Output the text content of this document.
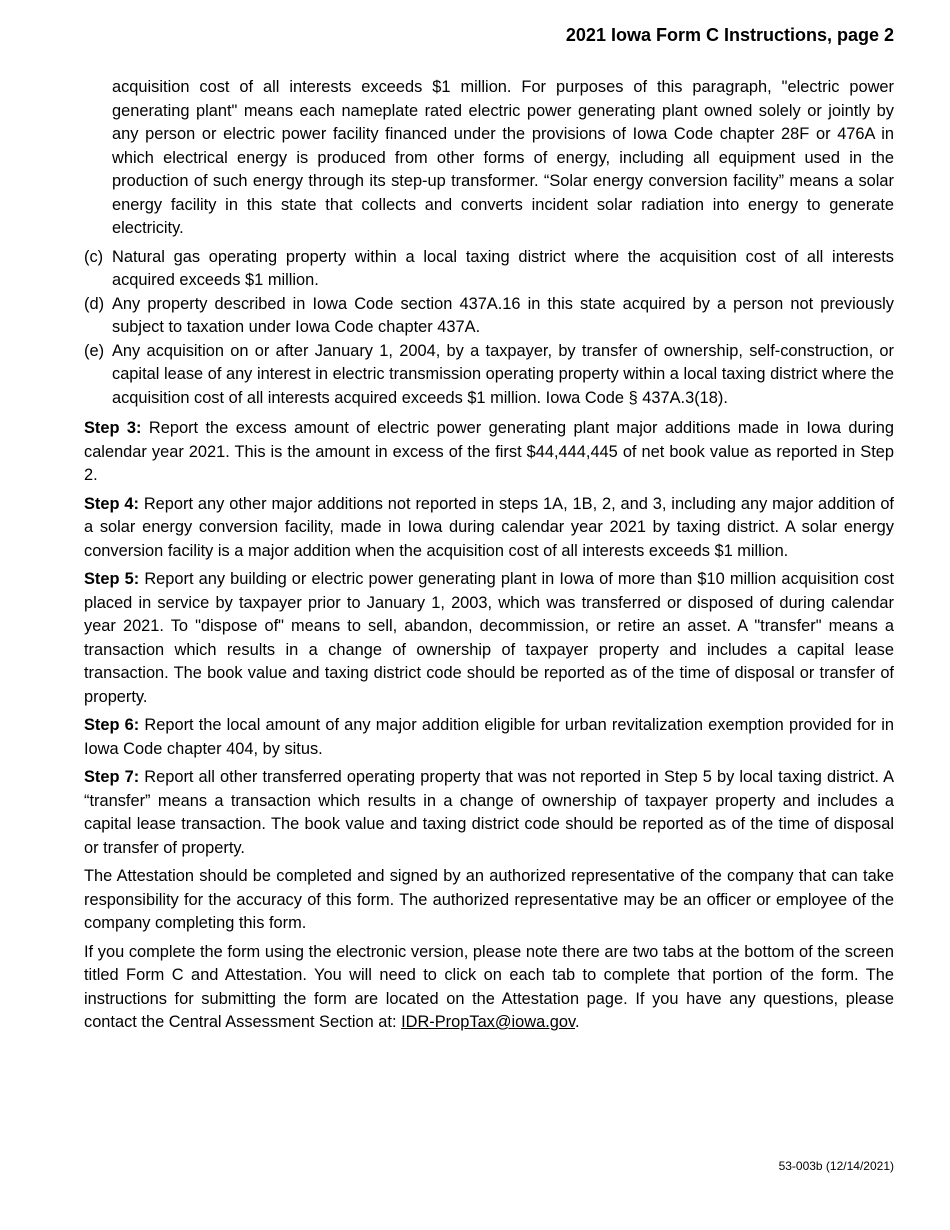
2021 Iowa Form C Instructions, page 2

acquisition cost of all interests exceeds $1 million. For purposes of this paragraph, "electric power generating plant" means each nameplate rated electric power generating plant owned solely or jointly by any person or electric power facility financed under the provisions of Iowa Code chapter 28F or 476A in which electrical energy is produced from other forms of energy, including all equipment used in the production of such energy through its step-up transformer. “Solar energy conversion facility” means a solar energy facility in this state that collects and converts incident solar radiation into energy to generate electricity.

(c) Natural gas operating property within a local taxing district where the acquisition cost of all interests acquired exceeds $1 million.
(d) Any property described in Iowa Code section 437A.16 in this state acquired by a person not previously subject to taxation under Iowa Code chapter 437A.
(e) Any acquisition on or after January 1, 2004, by a taxpayer, by transfer of ownership, self-construction, or capital lease of any interest in electric transmission operating property within a local taxing district where the acquisition cost of all interests acquired exceeds $1 million. Iowa Code § 437A.3(18).

Step 3: Report the excess amount of electric power generating plant major additions made in Iowa during calendar year 2021. This is the amount in excess of the first $44,444,445 of net book value as reported in Step 2.

Step 4: Report any other major additions not reported in steps 1A, 1B, 2, and 3, including any major addition of a solar energy conversion facility, made in Iowa during calendar year 2021 by taxing district. A solar energy conversion facility is a major addition when the acquisition cost of all interests exceeds $1 million.

Step 5: Report any building or electric power generating plant in Iowa of more than $10 million acquisition cost placed in service by taxpayer prior to January 1, 2003, which was transferred or disposed of during calendar year 2021. To "dispose of" means to sell, abandon, decommission, or retire an asset. A "transfer" means a transaction which results in a change of ownership of taxpayer property and includes a capital lease transaction. The book value and taxing district code should be reported as of the time of disposal or transfer of property.

Step 6: Report the local amount of any major addition eligible for urban revitalization exemption provided for in Iowa Code chapter 404, by situs.

Step 7: Report all other transferred operating property that was not reported in Step 5 by local taxing district. A “transfer” means a transaction which results in a change of ownership of taxpayer property and includes a capital lease transaction. The book value and taxing district code should be reported as of the time of disposal or transfer of property.

The Attestation should be completed and signed by an authorized representative of the company that can take responsibility for the accuracy of this form. The authorized representative may be an officer or employee of the company completing this form.

If you complete the form using the electronic version, please note there are two tabs at the bottom of the screen titled Form C and Attestation. You will need to click on each tab to complete that portion of the form. The instructions for submitting the form are located on the Attestation page. If you have any questions, please contact the Central Assessment Section at: IDR-PropTax@iowa.gov.

53-003b (12/14/2021)
